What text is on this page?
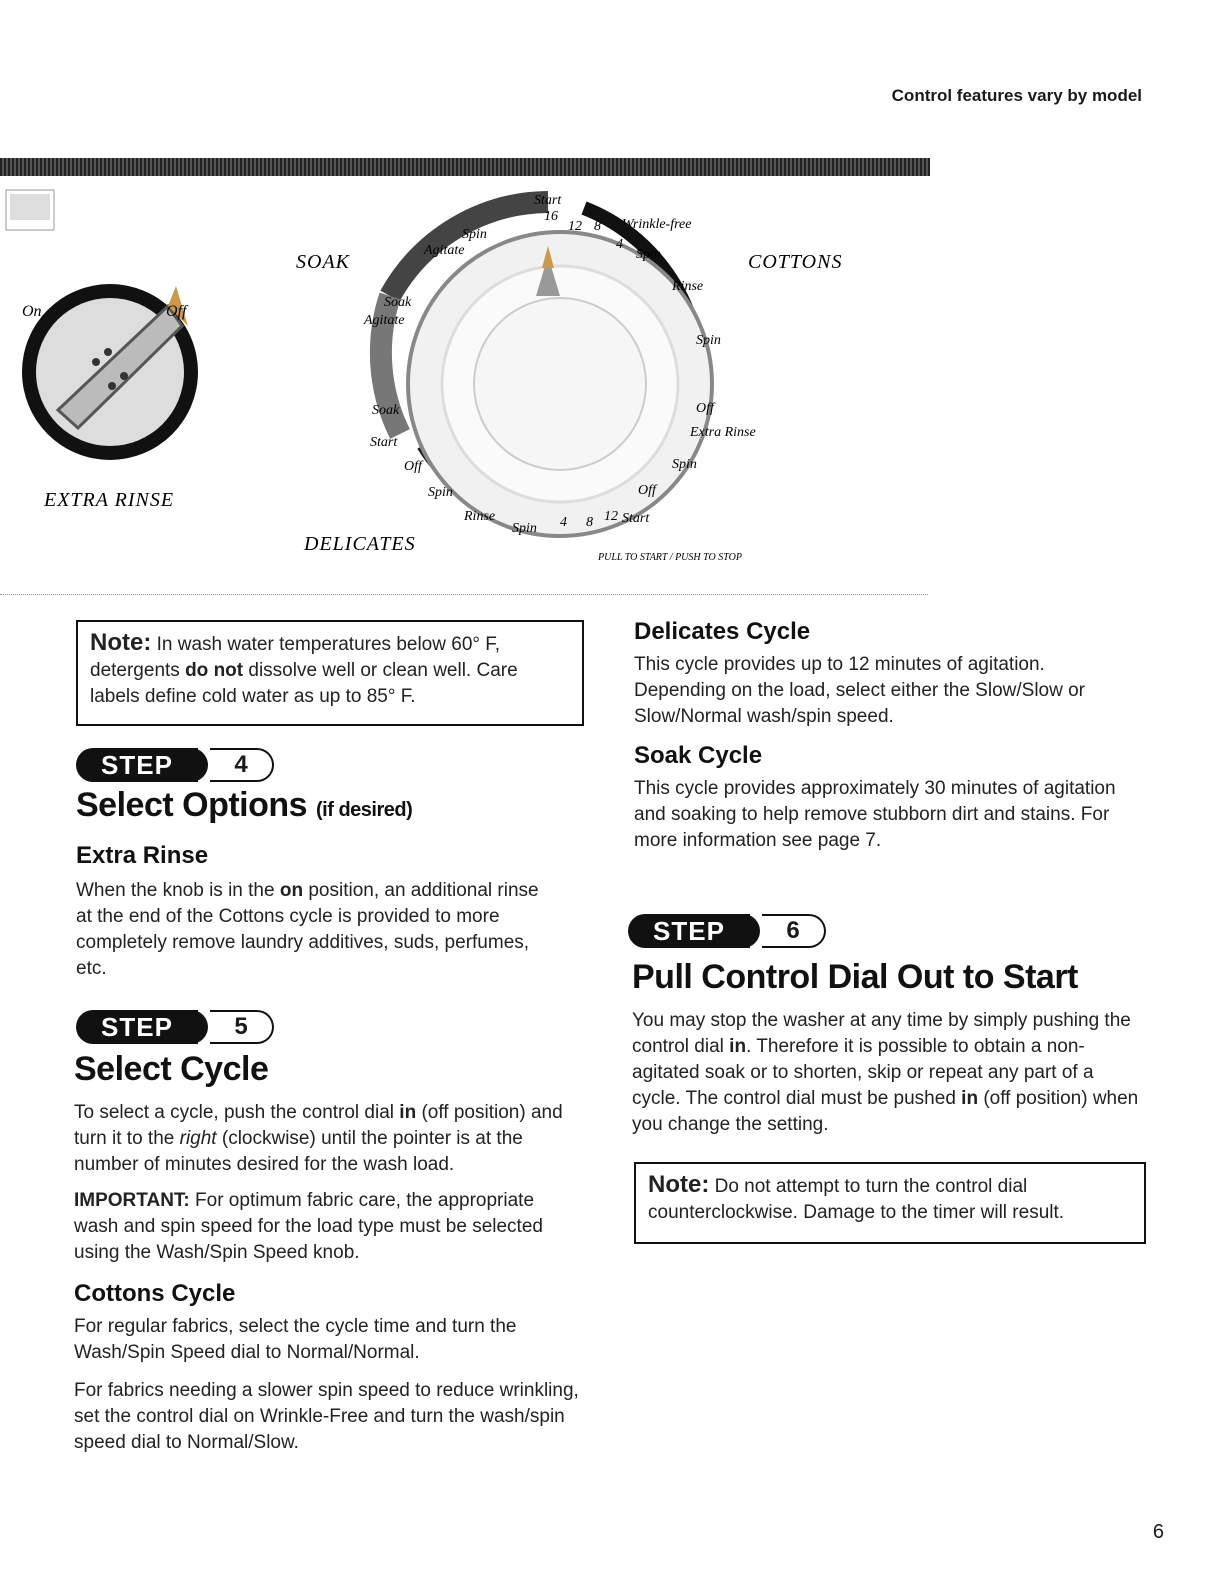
Control features vary by model
On	Off
EXTRA RINSE
SOAK	COTTONS
DELICATES
PULL TO START / PUSH TO STOP
Start
16
12 8
4
Wrinkle-free
Spin
Agitate	Spin
Rinse
Spin
Soak
Agitate
Off
Extra Rinse
Soak
Start
Off	Spin
Spin	Off
Rinse
Spin 4 8 12 Start
Note: In wash water temperatures below 60° F, detergents do not dissolve well or clean well. Care labels define cold water as up to 85° F.
STEP	4
Select Options (if desired)
Extra Rinse
When the knob is in the on position, an additional rinse at the end of the Cottons cycle is provided to more completely remove laundry additives, suds, perfumes, etc.
STEP	5
Select Cycle
To select a cycle, push the control dial in (off position) and turn it to the right (clockwise) until the pointer is at the number of minutes desired for the wash load.
IMPORTANT: For optimum fabric care, the appropriate wash and spin speed for the load type must be selected using the Wash/Spin Speed knob.
Cottons Cycle
For regular fabrics, select the cycle time and turn the Wash/Spin Speed dial to Normal/Normal.
For fabrics needing a slower spin speed to reduce wrinkling, set the control dial on Wrinkle-Free and turn the wash/spin speed dial to Normal/Slow.
Delicates Cycle
This cycle provides up to 12 minutes of agitation. Depending on the load, select either the Slow/Slow or Slow/Normal wash/spin speed.
Soak Cycle
This cycle provides approximately 30 minutes of agitation and soaking to help remove stubborn dirt and stains. For more information see page 7.
STEP	6
Pull Control Dial Out to Start
You may stop the washer at any time by simply pushing the control dial in. Therefore it is possible to obtain a non-agitated soak or to shorten, skip or repeat any part of a cycle. The control dial must be pushed in (off position) when you change the setting.
Note: Do not attempt to turn the control dial counterclockwise. Damage to the timer will result.
6
